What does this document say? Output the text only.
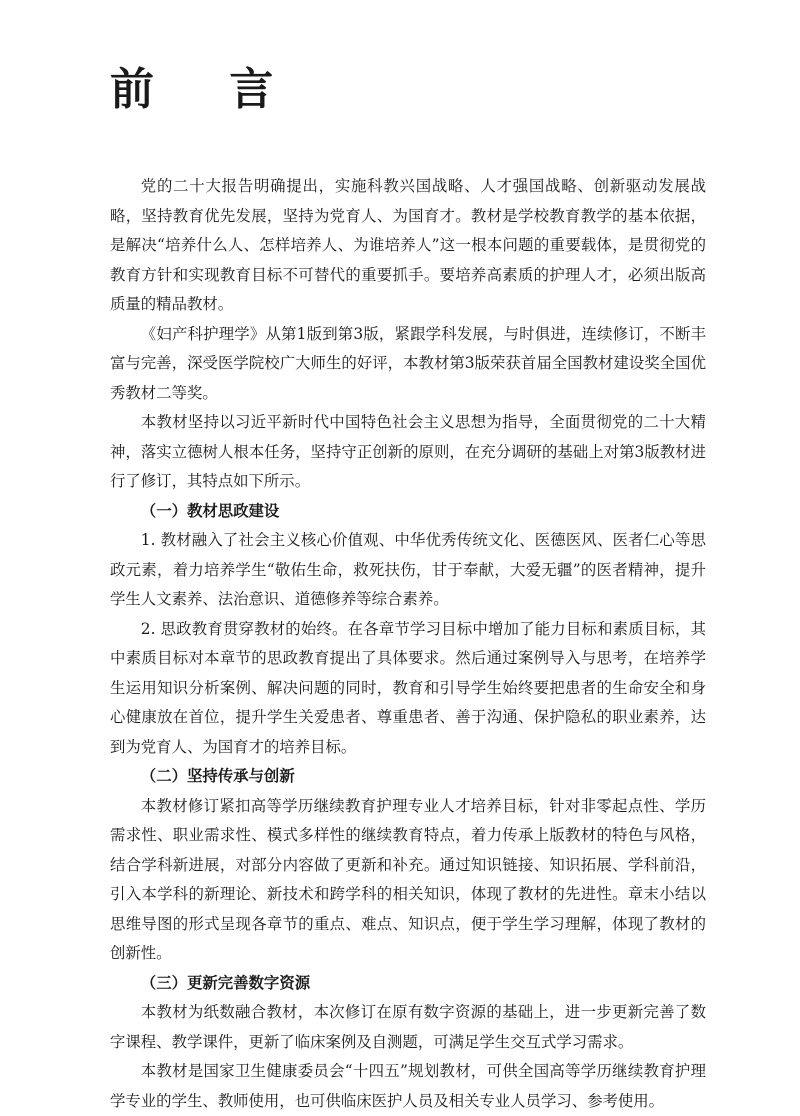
前 言

党的二十大报告明确提出，实施科教兴国战略、人才强国战略、创新驱动发展战略，坚持教育优先发展，坚持为党育人、为国育才。教材是学校教育教学的基本依据，是解决“培养什么人、怎样培养人、为谁培养人”这一根本问题的重要载体，是贯彻党的教育方针和实现教育目标不可替代的重要抓手。要培养高素质的护理人才，必须出版高质量的精品教材。

《妇产科护理学》从第1版到第3版，紧跟学科发展，与时俱进，连续修订，不断丰富与完善，深受医学院校广大师生的好评，本教材第3版荣获首届全国教材建设奖全国优秀教材二等奖。

本教材坚持以习近平新时代中国特色社会主义思想为指导，全面贯彻党的二十大精神，落实立德树人根本任务，坚持守正创新的原则，在充分调研的基础上对第3版教材进行了修订，其特点如下所示。

（一）教材思政建设

1. 教材融入了社会主义核心价值观、中华优秀传统文化、医德医风、医者仁心等思政元素，着力培养学生“敬佑生命，救死扶伤，甘于奉献，大爱无疆”的医者精神，提升学生人文素养、法治意识、道德修养等综合素养。

2. 思政教育贯穿教材的始终。在各章节学习目标中增加了能力目标和素质目标，其中素质目标对本章节的思政教育提出了具体要求。然后通过案例导入与思考，在培养学生运用知识分析案例、解决问题的同时，教育和引导学生始终要把患者的生命安全和身心健康放在首位，提升学生关爱患者、尊重患者、善于沟通、保护隐私的职业素养，达到为党育人、为国育才的培养目标。

（二）坚持传承与创新

本教材修订紧扣高等学历继续教育护理专业人才培养目标，针对非零起点性、学历需求性、职业需求性、模式多样性的继续教育特点，着力传承上版教材的特色与风格，结合学科新进展，对部分内容做了更新和补充。通过知识链接、知识拓展、学科前沿，引入本学科的新理论、新技术和跨学科的相关知识，体现了教材的先进性。章末小结以思维导图的形式呈现各章节的重点、难点、知识点，便于学生学习理解，体现了教材的创新性。

（三）更新完善数字资源

本教材为纸数融合教材，本次修订在原有数字资源的基础上，进一步更新完善了数字课程、教学课件，更新了临床案例及自测题，可满足学生交互式学习需求。

本教材是国家卫生健康委员会“十四五”规划教材，可供全国高等学历继续教育护理学专业的学生、教师使用，也可供临床医护人员及相关专业人员学习、参考使用。
